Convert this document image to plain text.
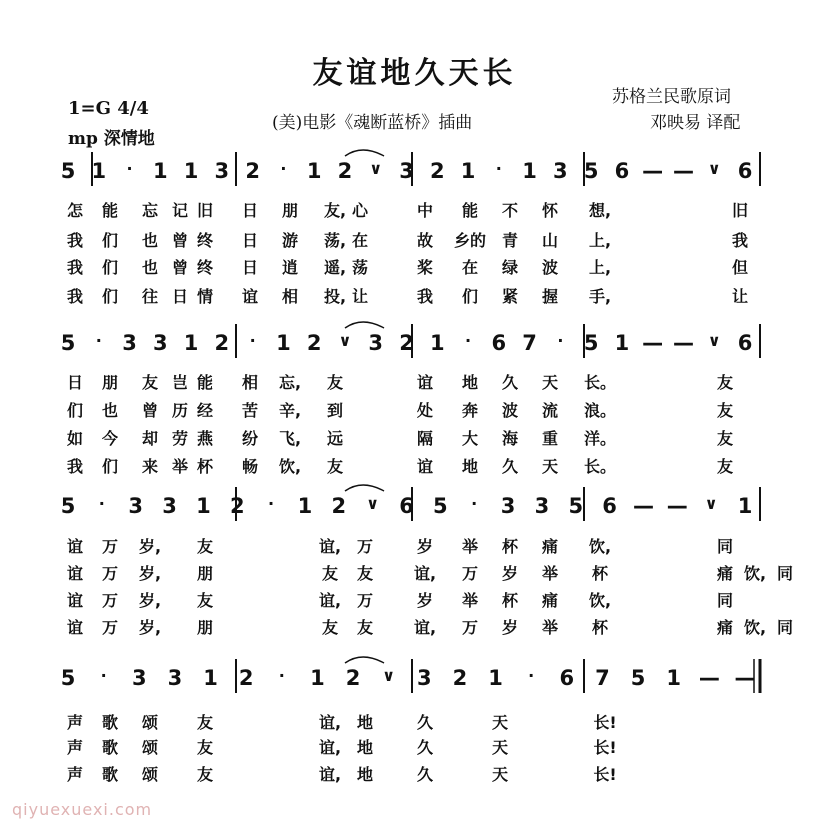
友谊地久天长
苏格兰民歌原词
邓映易 译配
1=G 4/4
mp 深情地
(美)电影《魂断蓝桥》插曲
5 1 · 1 1 3 2 · 1 2 ∨ 3 2 1 · 1 3 5 6 — — ∨ 6
怎 能 忘 记 旧 日 朋 友, 心	中 能 不 怀 想,	旧
我 们 也 曾 终 日 游 荡, 在	故 乡的 青 山 上,	我
我 们 也 曾 终 日 逍 遥, 荡	桨 在 绿 波 上,	但
我 们 往 日 情 谊 相 投, 让	我 们 紧 握 手,	让
5 · 3 3 1 2 · 1 2 ∨ 3 2 1 · 6 7 · 5 1 — — ∨ 6
日 朋 友 岂 能 相 忘, 友	谊 地 久 天 长。	友
们 也 曾 历 经 苦 辛, 到	处 奔 波 流 浪。	友
如 今 却 劳 燕 纷 飞, 远	隔 大 海 重 洋。	友
我 们 来 举 杯 畅 饮, 友	谊 地 久 天 长。	友
5 · 3 3 1 2 · 1 2 ∨ 6 5 · 3 3 5 6 — — ∨ 1
谊 万 岁, 友	谊, 万	岁 举 杯 痛 饮,	同
谊 万 岁, 朋	友 友	谊, 万 岁 举 杯	痛 饮, 同
谊 万 岁, 友	谊, 万	岁 举 杯 痛 饮,	同
谊 万 岁, 朋	友 友	谊, 万 岁 举 杯	痛 饮, 同
5 · 3 3 1 2 · 1 2 ∨ 3 2 1 · 6 7 5 1 — —
声 歌 颂 友	谊, 地	久	天	长!
声 歌 颂 友	谊, 地	久	天	长!
声 歌 颂 友	谊, 地	久	天	长!
qiyuexuexi.com
